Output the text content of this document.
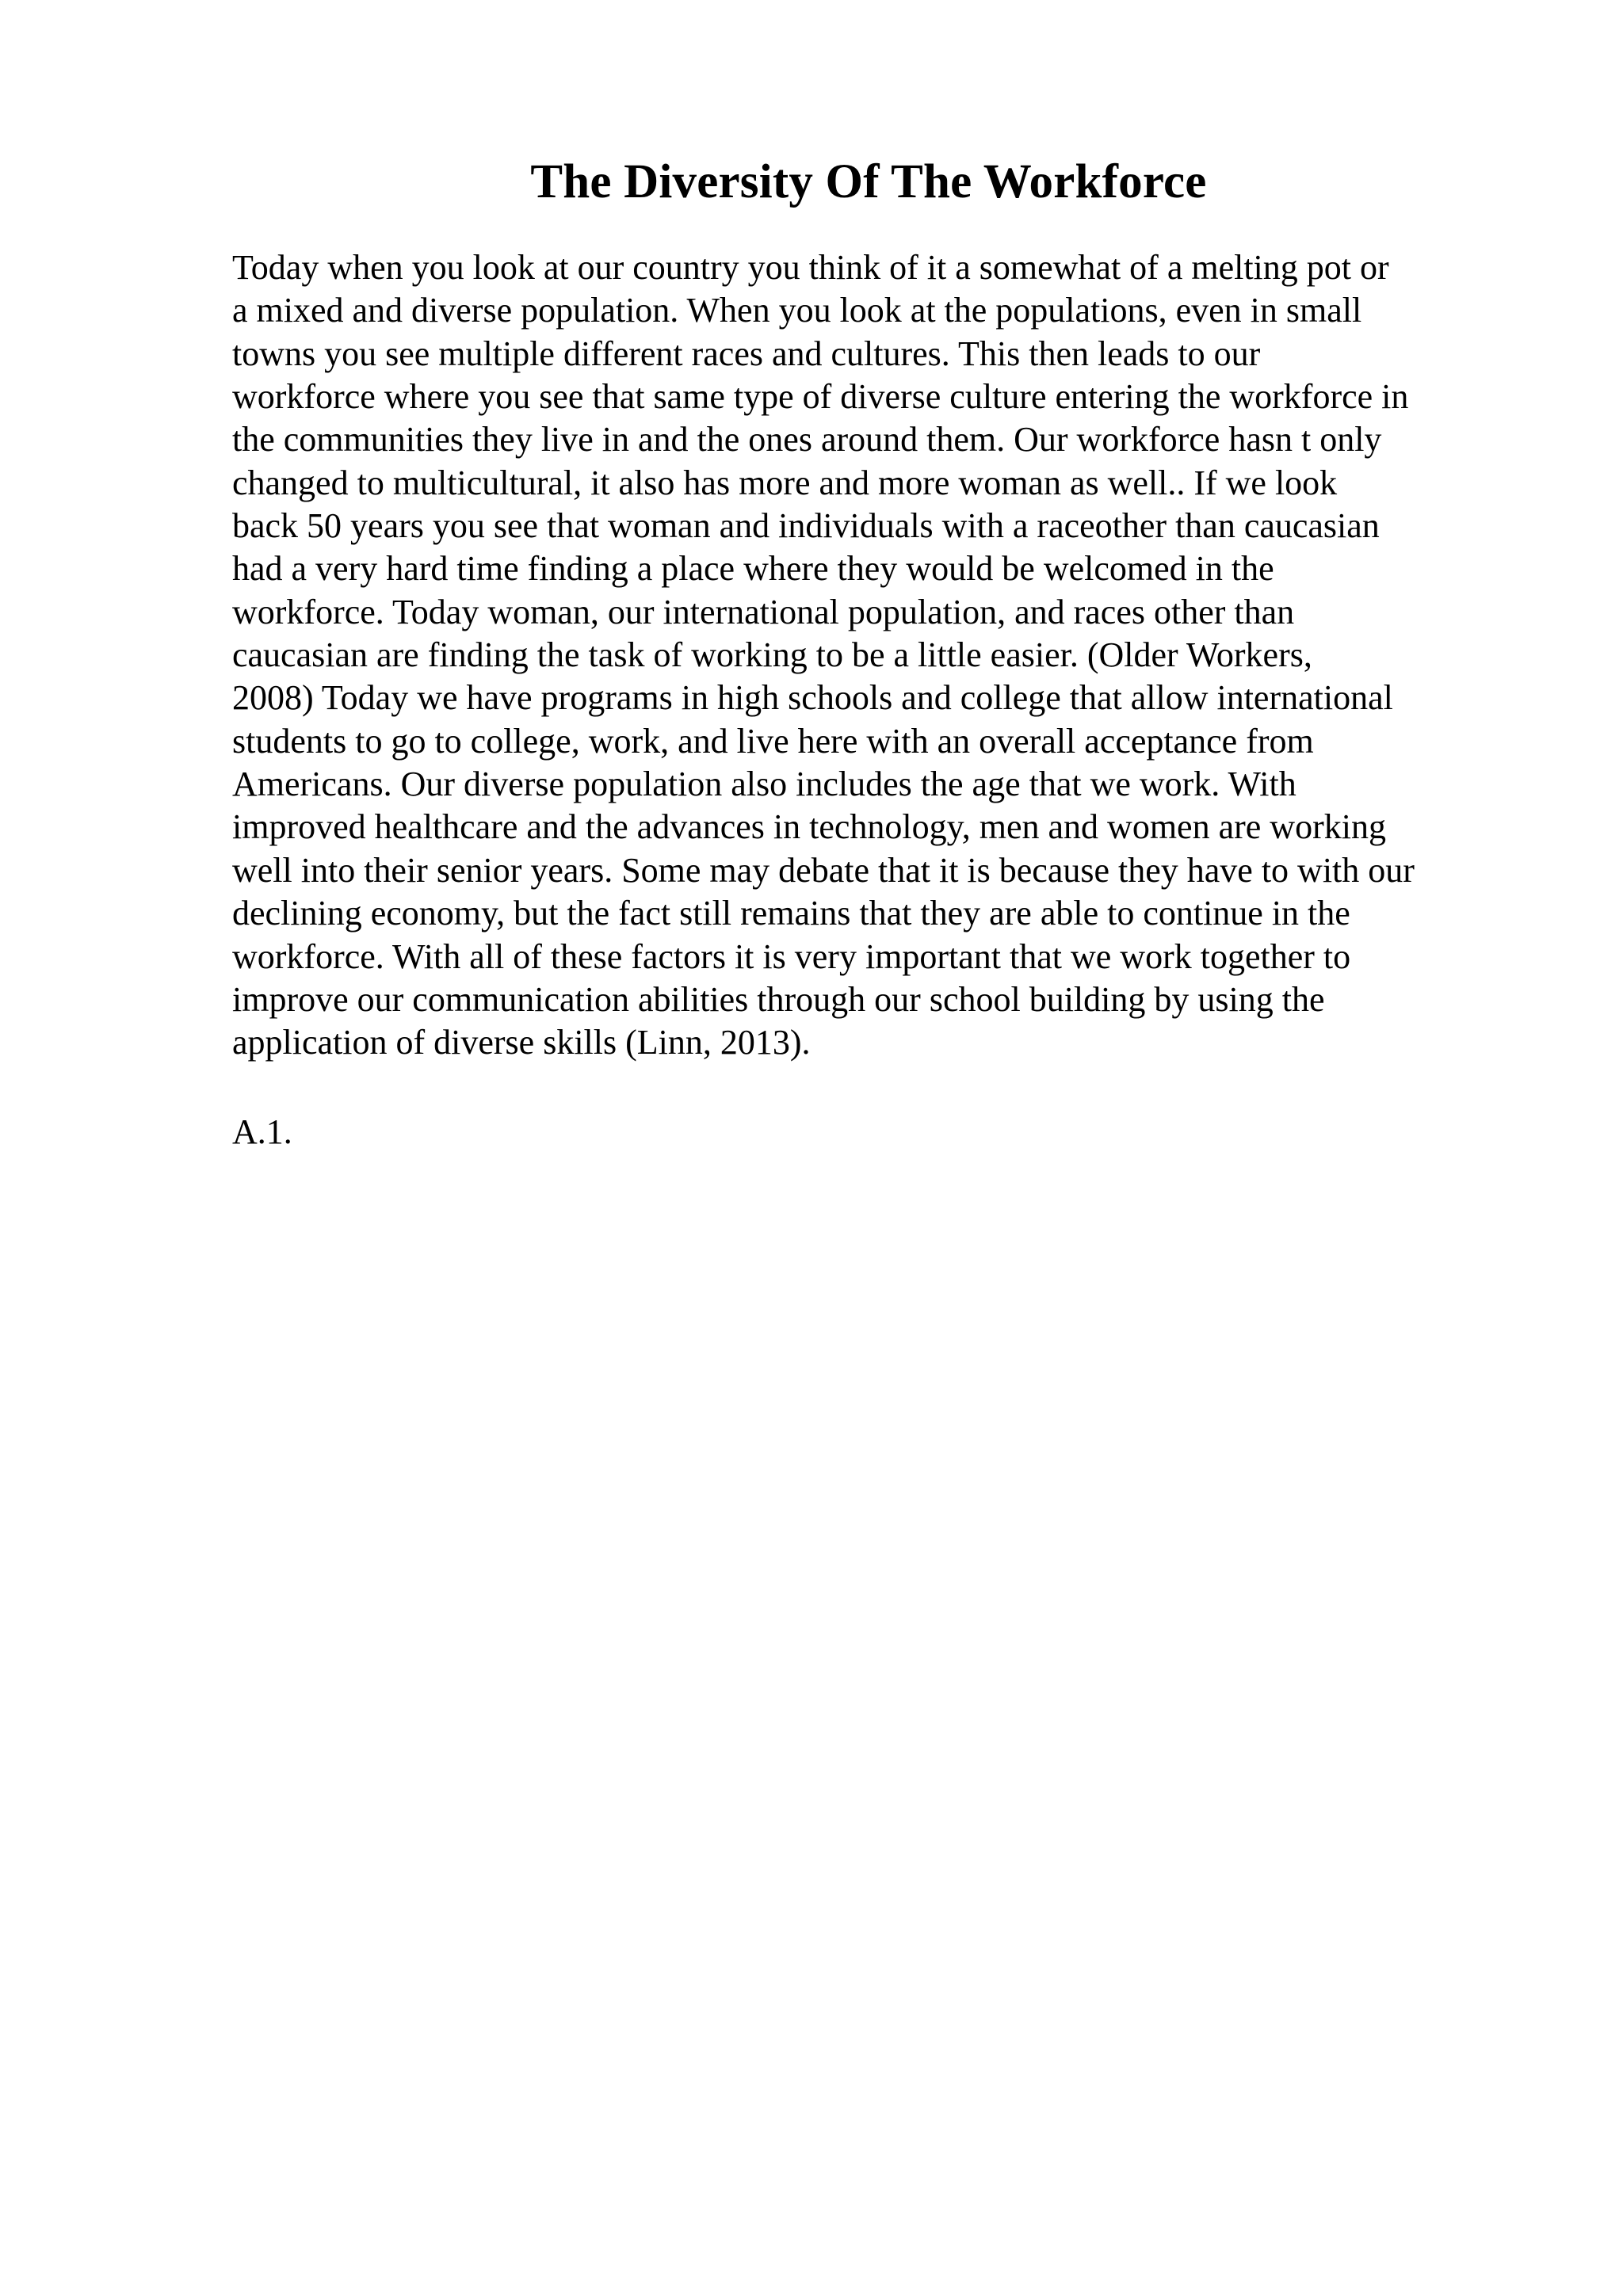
The Diversity Of The Workforce
Today when you look at our country you think of it a somewhat of a melting pot or
a mixed and diverse population. When you look at the populations, even in small
towns you see multiple different races and cultures. This then leads to our
workforce where you see that same type of diverse culture entering the workforce in
the communities they live in and the ones around them. Our workforce hasn t only
changed to multicultural, it also has more and more woman as well.. If we look
back 50 years you see that woman and individuals with a raceother than caucasian
had a very hard time finding a place where they would be welcomed in the
workforce. Today woman, our international population, and races other than
caucasian are finding the task of working to be a little easier. (Older Workers,
2008) Today we have programs in high schools and college that allow international
students to go to college, work, and live here with an overall acceptance from
Americans. Our diverse population also includes the age that we work. With
improved healthcare and the advances in technology, men and women are working
well into their senior years. Some may debate that it is because they have to with our
declining economy, but the fact still remains that they are able to continue in the
workforce. With all of these factors it is very important that we work together to
improve our communication abilities through our school building by using the
application of diverse skills (Linn, 2013).

A.1.
